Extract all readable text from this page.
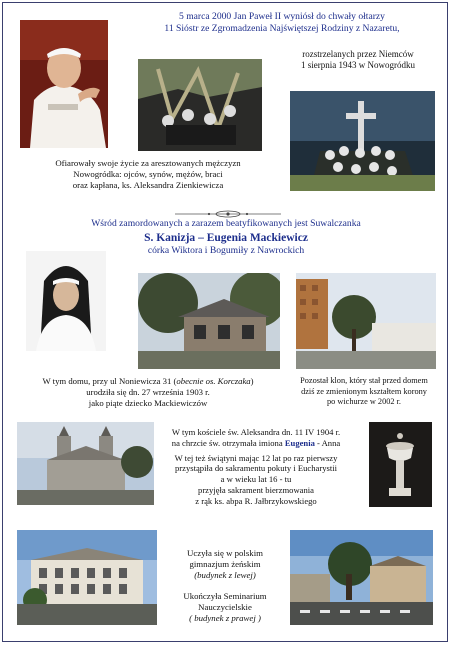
5 marca 2000 Jan Paweł II wyniósł do chwały ołtarzy
11 Sióstr ze Zgromadzenia Najświętszej Rodziny z Nazaretu,
rozstrzelanych przez Niemców
1 sierpnia 1943 w Nowogródku
Ofiarowały swoje życie za aresztowanych mężczyzn
Nowogródka: ojców, synów, mężów, braci
oraz kapłana, ks. Aleksandra Zienkiewicza
Wśród zamordowanych a zarazem beatyfikowanych jest Suwalczanka
S. Kanizja – Eugenia Mackiewicz
córka Wiktora i Bogumiły z Nawrockich
W tym domu, przy ul Noniewicza 31 (obecnie os. Korczaka)
urodziła się dn. 27 września 1903 r.
jako piąte dziecko Mackiewiczów
Pozostał klon, który stał przed domem
dziś ze zmienionym kształtem korony
po wichurze w 2002 r.
W tym kościele św. Aleksandra dn. 11 IV 1904 r.
na chrzcie św. otrzymała imiona Eugenia - Anna
W tej też świątyni mając 12 lat po raz pierwszy
przystąpiła do sakramentu pokuty i Eucharystii
a w wieku lat 16 - tu
przyjęła sakrament bierzmowania
z rąk ks. abpa R. Jałbrzykowskiego
Uczyła się w polskim
gimnazjum żeńskim
(budynek z lewej)
Ukończyła Seminarium
Nauczycielskie
( budynek z prawej )
